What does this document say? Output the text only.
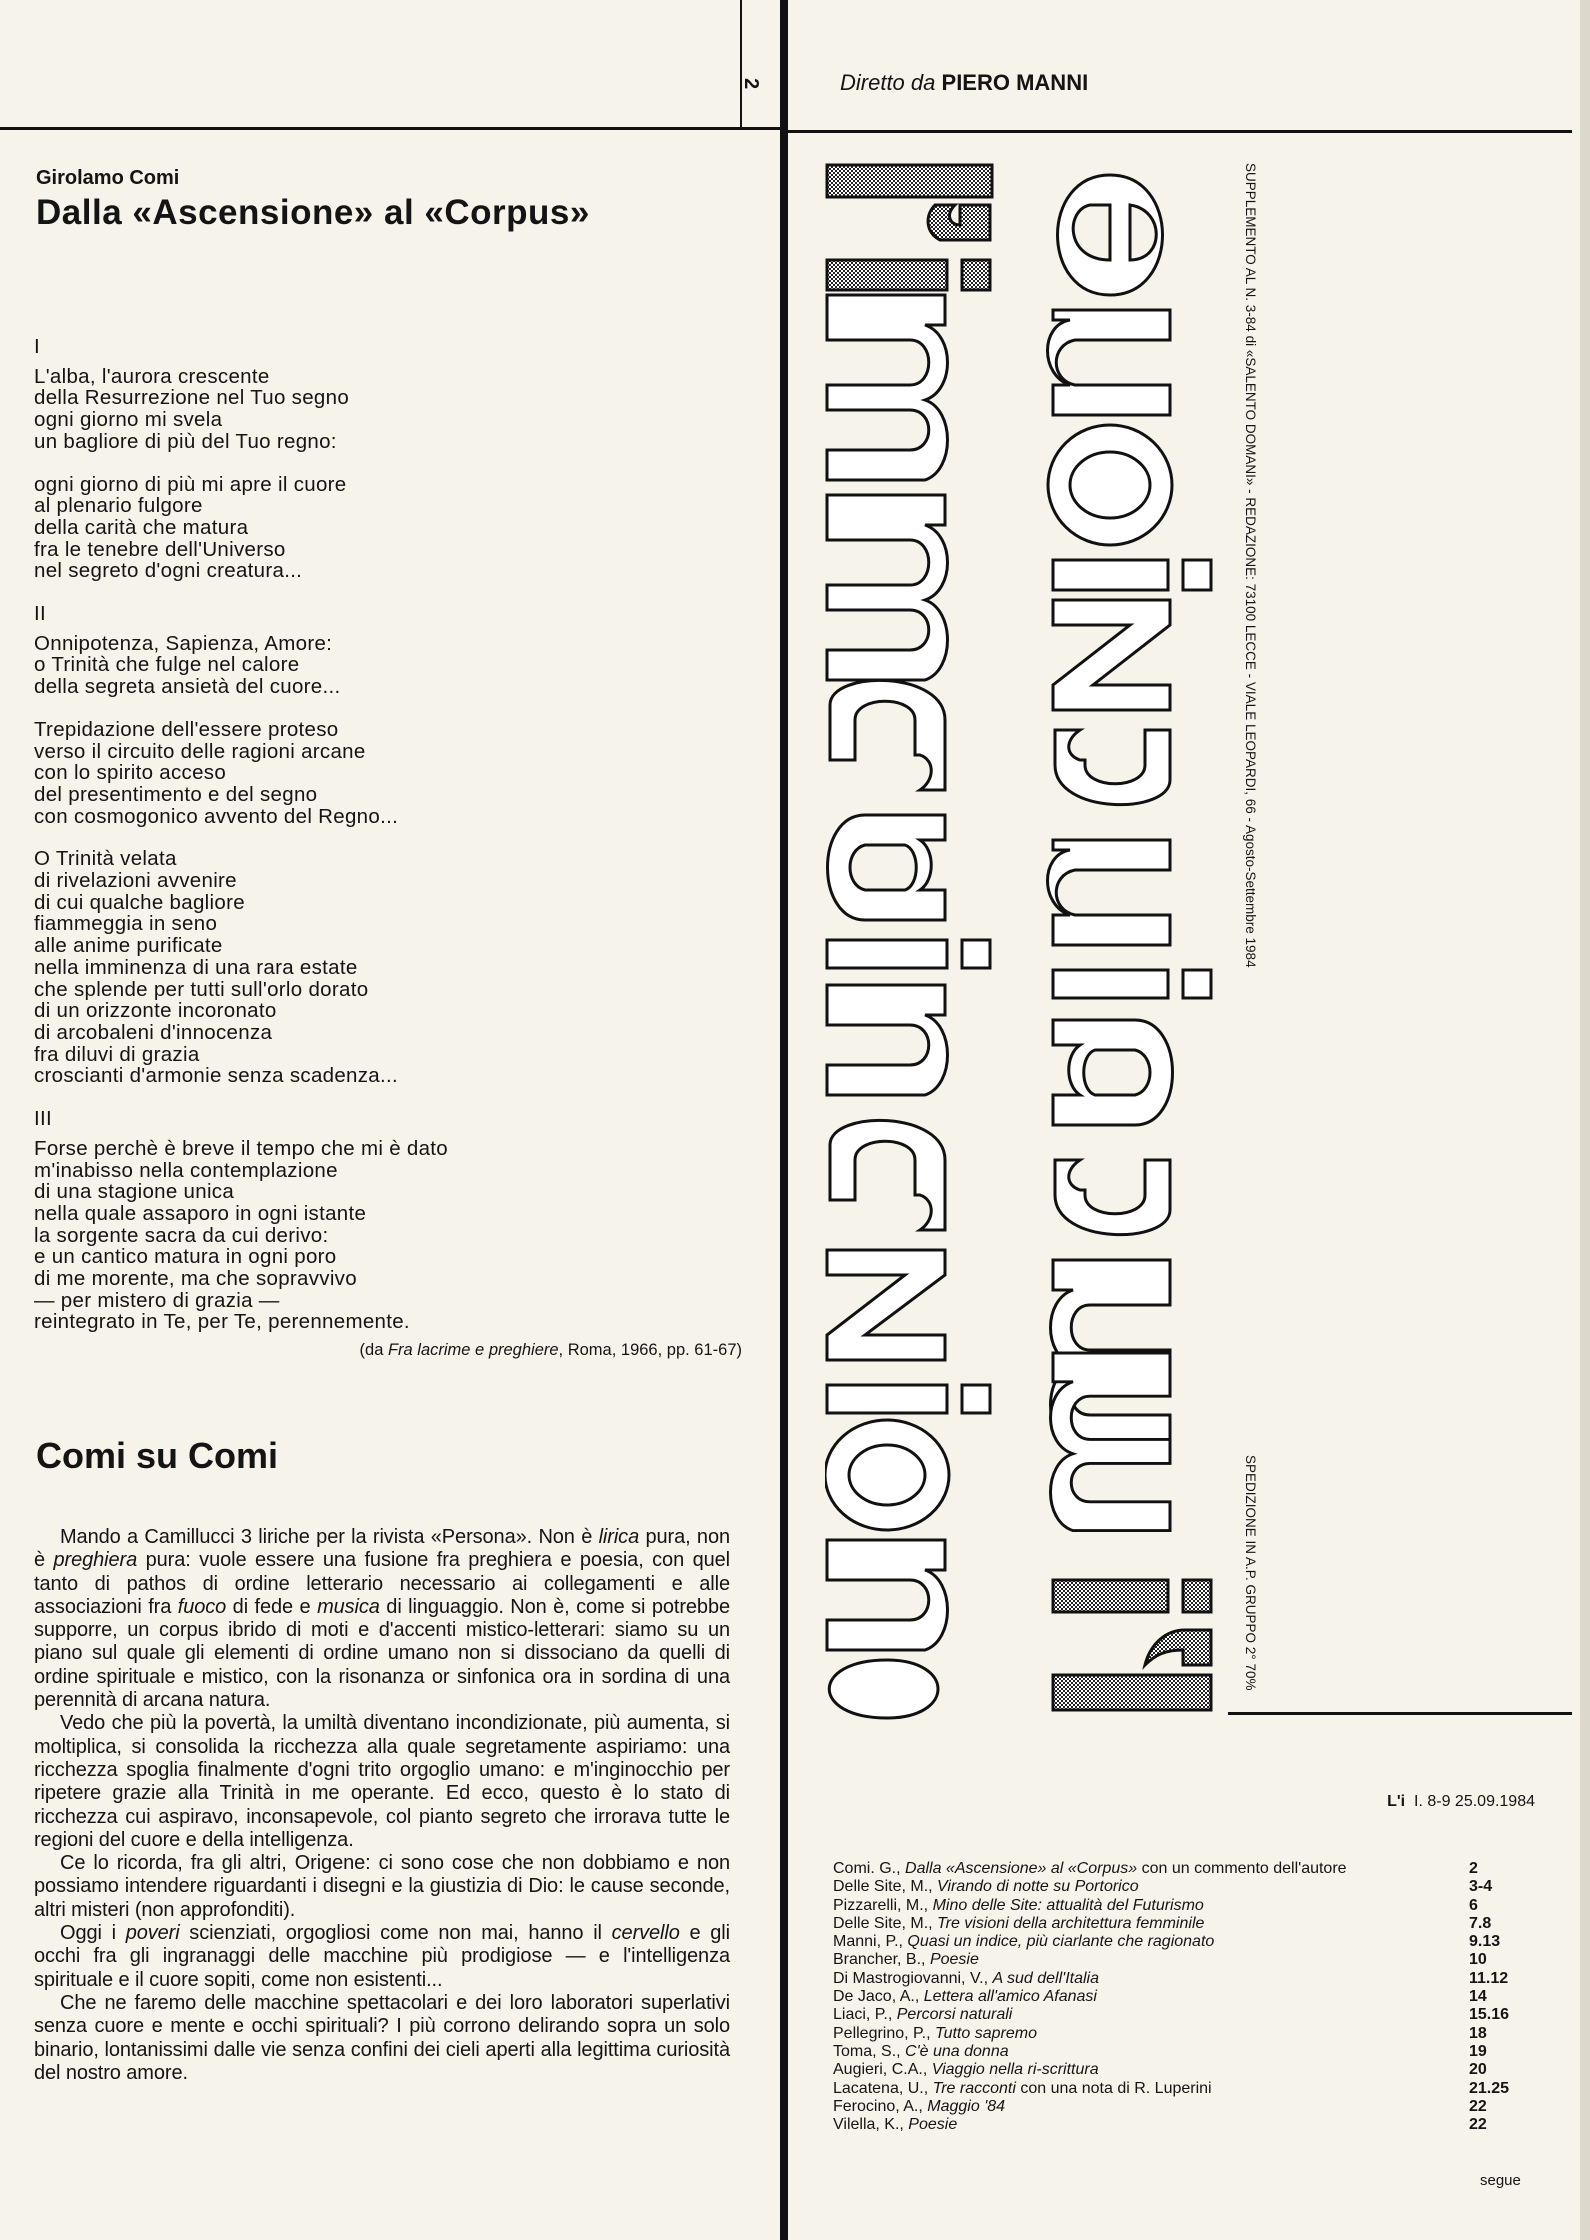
2
Girolamo Comi
Dalla «Ascensione» al «Corpus»
I
L'alba, l'aurora crescente
della Resurrezione nel Tuo segno
ogni giorno mi svela
un bagliore di più del Tuo regno:
ogni giorno di più mi apre il cuore
al plenario fulgore
della carità che matura
fra le tenebre dell'Universo
nel segreto d'ogni creatura...
II
Onnipotenza, Sapienza, Amore:
o Trinità che fulge nel calore
della segreta ansietà del cuore...
Trepidazione dell'essere proteso
verso il circuito delle ragioni arcane
con lo spirito acceso
del presentimento e del segno
con cosmogonico avvento del Regno...
O Trinità velata
di rivelazioni avvenire
di cui qualche bagliore
fiammeggia in seno
alle anime purificate
nella imminenza di una rara estate
che splende per tutti sull'orlo dorato
di un orizzonte incoronato
di arcobaleni d'innocenza
fra diluvi di grazia
croscianti d'armonie senza scadenza...
III
Forse perchè è breve il tempo che mi è dato
m'inabisso nella contemplazione
di una stagione unica
nella quale assaporo in ogni istante
la sorgente sacra da cui derivo:
e un cantico matura in ogni poro
di me morente, ma che sopravvivo
— per mistero di grazia —
reintegrato in Te, per Te, perennemente.
(da Fra lacrime e preghiere, Roma, 1966, pp. 61-67)
Comi su Comi

Mando a Camillucci 3 liriche per la rivista «Persona». Non è lirica pura, non è preghiera pura: vuole essere una fusione fra preghiera e poesia, con quel tanto di pathos di ordine letterario necessario ai collegamenti e alle associazioni fra fuoco di fede e musica di linguaggio. Non è, come si potrebbe supporre, un corpus ibrido di moti e d'accenti mistico-letterari: siamo su un piano sul quale gli elementi di ordine umano non si dissociano da quelli di ordine spirituale e mistico, con la risonanza or sinfonica ora in sordina di una perennità di arcana natura.

Vedo che più la povertà, la umiltà diventano incondizionate, più aumenta, si moltiplica, si consolida la ricchezza alla quale segretamente aspiriamo: una ricchezza spoglia finalmente d'ogni trito orgoglio umano: e m'inginocchio per ripetere grazie alla Trinità in me operante. Ed ecco, questo è lo stato di ricchezza cui aspiravo, inconsapevole, col pianto segreto che irrorava tutte le regioni del cuore e della intelligenza.

Ce lo ricorda, fra gli altri, Origene: ci sono cose che non dobbiamo e non possiamo intendere riguardanti i disegni e la giustizia di Dio: le cause seconde, altri misteri (non approfonditi).

Oggi i poveri scienziati, orgogliosi come non mai, hanno il cervello e gli occhi fra gli ingranaggi delle macchine più prodigiose — e l'intelligenza spirituale e il cuore sopiti, come non esistenti...

Che ne faremo delle macchine spettacolari e dei loro laboratori superlativi senza cuore e mente e occhi spirituali? I più corrono delirando sopra un solo binario, lontanissimi dalle vie senza confini dei cieli aperti alla legittima curiosità del nostro amore.

Diretto da PIERO MANNI
SUPPLEMENTO AL N. 3-84 di «SALENTO DOMANI» - REDAZIONE: 73100 LECCE - VIALE LEOPARDI, 66 - Agosto-Settembre 1984
SPEDIZIONE IN A.P. GRUPPO 2° 70%
L'i I. 8-9 25.09.1984
Comi. G., Dalla «Ascensione» al «Corpus» con un commento dell'autore	2
Delle Site, M., Virando di notte su Portorico	3-4
Pizzarelli, M., Mino delle Site: attualità del Futurismo	6
Delle Site, M., Tre visioni della architettura femminile	7.8
Manni, P., Quasi un indice, più ciarlante che ragionato	9.13
Brancher, B., Poesie	10
Di Mastrogiovanni, V., A sud dell'Italia	11.12
De Jaco, A., Lettera all'amico Afanasi	14
Liaci, P., Percorsi naturali	15.16
Pellegrino, P., Tutto sapremo	18
Toma, S., C'è una donna	19
Augieri, C.A., Viaggio nella ri-scrittura	20
Lacatena, U., Tre racconti con una nota di R. Luperini	21.25
Ferocino, A., Maggio '84	22
Vilella, K., Poesie	22
segue
